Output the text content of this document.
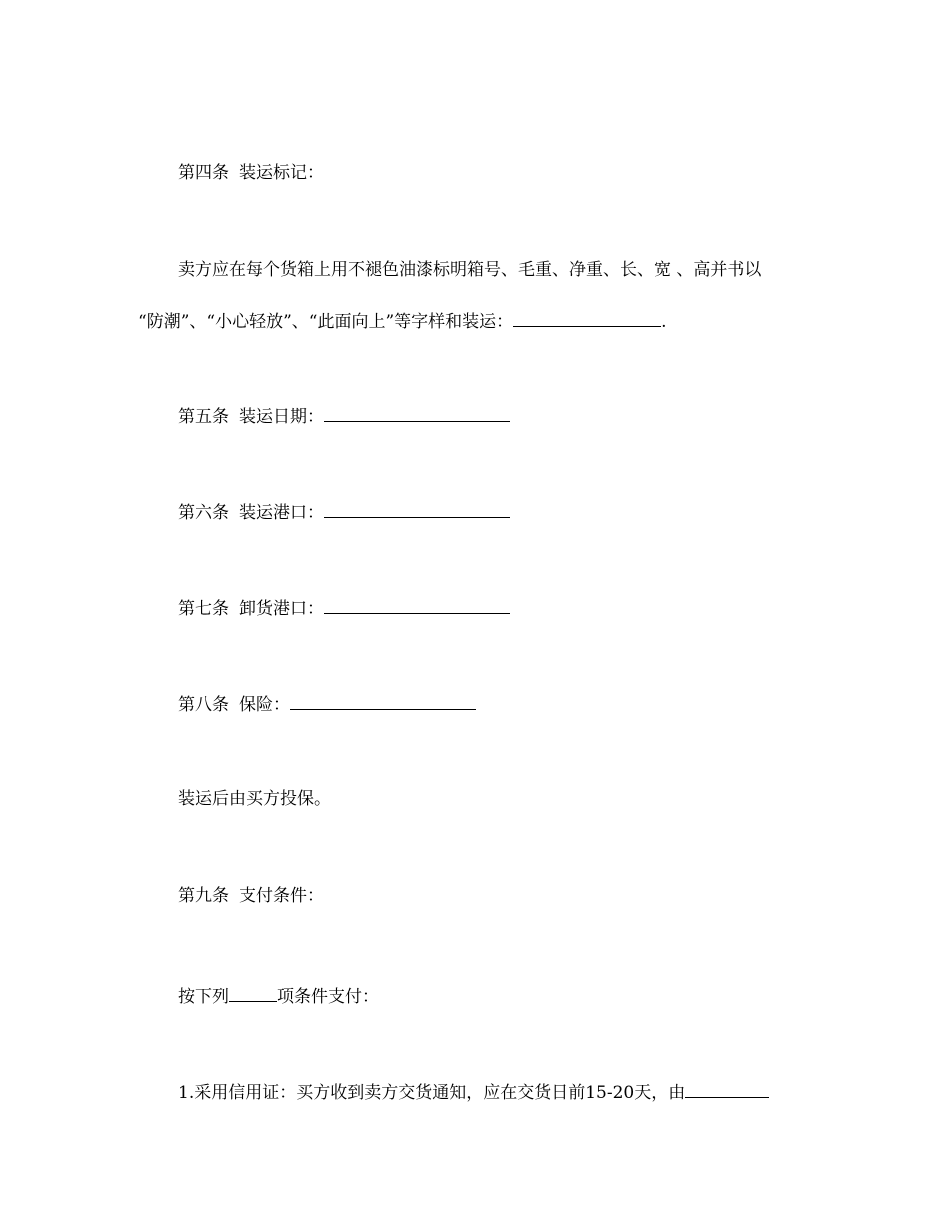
第四条 装运标记：
卖方应在每个货箱上用不褪色油漆标明箱号、毛重、净重、长、宽 、高并书以
“防潮”、“小心轻放”、“此面向上”等字样和装运：	.
第五条 装运日期：
第六条 装运港口：
第七条 卸货港口：
第八条 保险：
装运后由买方投保。
第九条 支付条件：
按下列	项条件支付：
1.采用信用证：买方收到卖方交货通知，应在交货日前15-20天，由
